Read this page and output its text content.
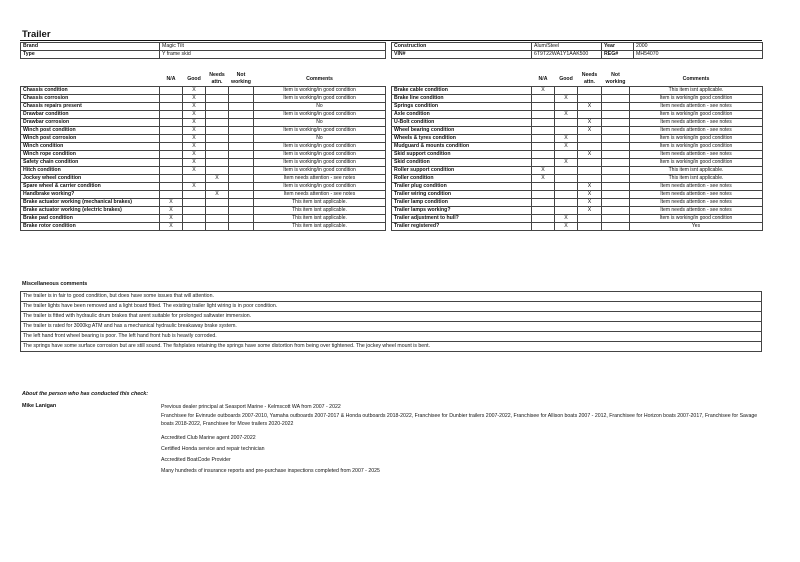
Trailer
Brand	Magic Tilt
Type	Y frame skid
Construction	Alum/Steel	Year	2000
VIN#	6T9T22WA1Y1AAK500	REG#	MH54070
	N/A	Good	Needs attn.	Not working	Comments
Chassis condition		X			Item is working/in good condition
Chassis corrosion		X			Item is working/in good condition
Chassis repairs present		X			No
Drawbar condition		X			Item is working/in good condition
Drawbar corrosion		X			No
Winch post condition		X			Item is working/in good condition
Winch post corrosion		X			No
Winch condition		X			Item is working/in good condition
Winch rope condition		X			Item is working/in good condition
Safety chain condition		X			Item is working/in good condition
Hitch condition		X			Item is working/in good condition
Jockey wheel condition			X		Item needs attention - see notes
Spare wheel & carrier condition		X			Item is working/in good condition
Handbrake working?			X		Item needs attention - see notes
Brake actuator working (mechanical brakes)	X				This item isnt applicable.
Brake actuator working (electric brakes)	X				This item isnt applicable.
Brake pad condition	X				This item isnt applicable.
Brake rotor condition	X				This item isnt applicable.
	N/A	Good	Needs attn.	Not working	Comments
Brake cable condition	X				This item isnt applicable.
Brake line condition		X			Item is working/in good condition
Springs condition			X		Item needs attention - see notes
Axle condition		X			Item is working/in good condition
U-Bolt condition			X		Item needs attention - see notes
Wheel bearing condition			X		Item needs attention - see notes
Wheels & tyres condition		X			Item is working/in good condition
Mudguard & mounts condition		X			Item is working/in good condition
Skid support condition			X		Item needs attention - see notes
Skid condition		X			Item is working/in good condition
Roller support condition	X				This item isnt applicable.
Roller condition	X				This item isnt applicable.
Trailer plug condition			X		Item needs attention - see notes
Trailer wiring condition			X		Item needs attention - see notes
Trailer lamp condition			X		Item needs attention - see notes
Trailer lamps working?			X		Item needs attention - see notes
Trailer adjustment to hull?		X			Item is working/in good condition
Trailer registered?		X			Yes
Miscellaneous comments
The trailer is in fair to good condition, but does have some issues that will attention.
The trailer lights have been removed and a light board fitted. The existing trailer light wiring is in poor condition.
The trailer is fitted with hydraulic drum brakes that arent suitable for prolonged saltwater immersion.
The trailer is rated for 3000kg ATM and has a mechanical hydraulic breakaway brake system.
The left hand front wheel bearing is poor. The left hand front hub is heavily corroded.
The springs have some surface corrosion but are still sound. The fishplates retaining the springs have some distortion from being over tightened. The jockey wheel mount is bent.
About the person who has conducted this check:
Mike Lanigan	Previous dealer principal at Seasport Marine - Kelmscott WA from 2007 - 2022
Franchisee for Evinrude outboards 2007-2010, Yamaha outboards 2007-2017 & Honda outboards 2018-2022, Franchisee for Dunbier trailers 2007-2022, Franchisee for Allison boats 2007 - 2012, Franchisee for Horizon boats 2007-2017, Franchisee for Savage boats 2018-2022, Franchisee for Move trailers 2020-2022
Accredited Club Marine agent 2007-2022
Certified Honda service and repair technician
Accredited BoatCode Provider
Many hundreds of insurance reports and pre-purchase inspections completed from 2007 - 2025
